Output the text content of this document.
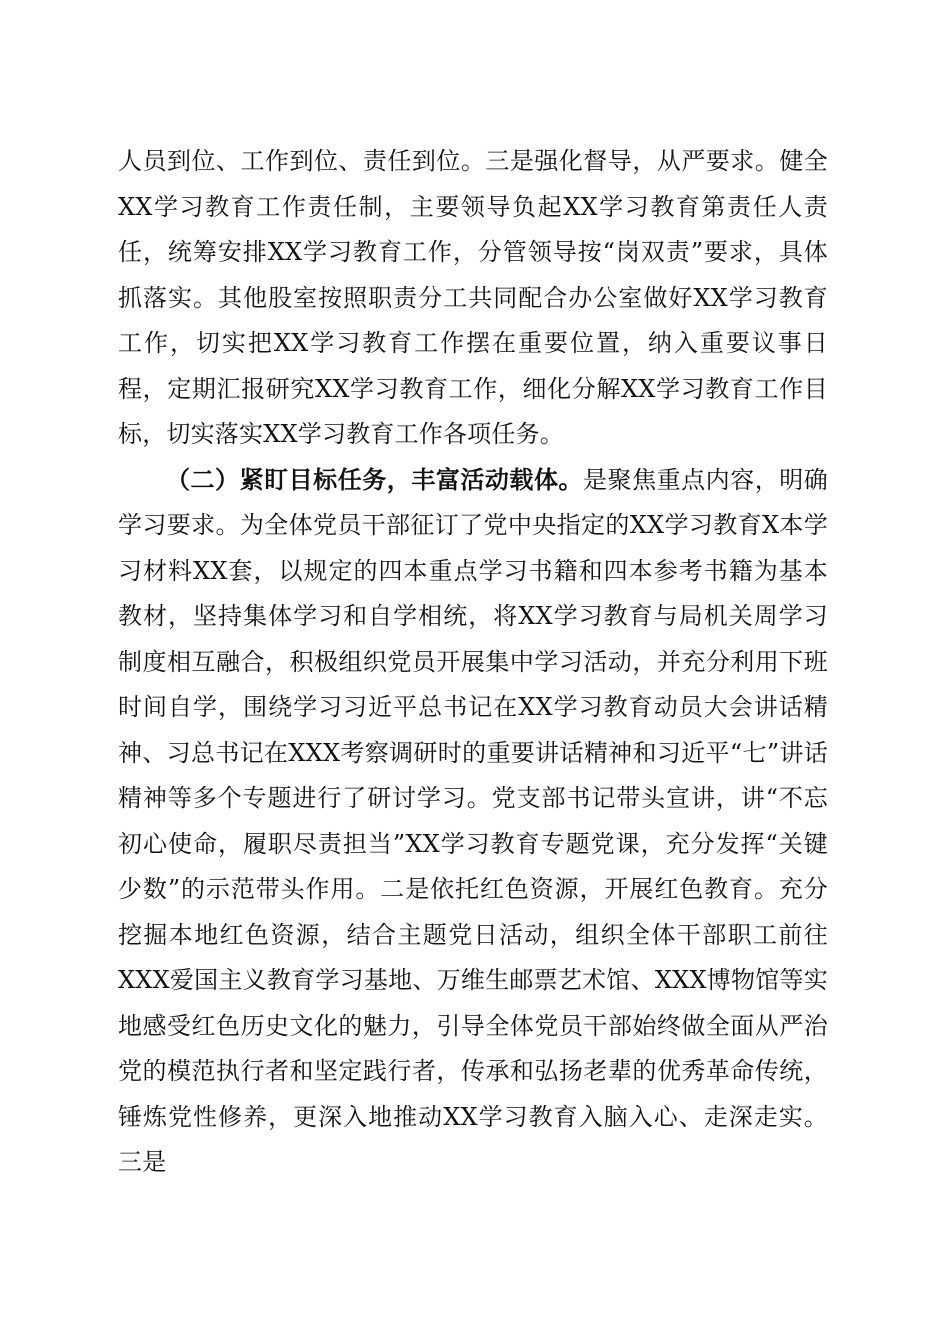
人员到位、工作到位、责任到位。三是强化督导，从严要求。健全XX学习教育工作责任制，主要领导负起XX学习教育第责任人责任，统筹安排XX学习教育工作，分管领导按“岗双责”要求，具体抓落实。其他股室按照职责分工共同配合办公室做好XX学习教育工作，切实把XX学习教育工作摆在重要位置，纳入重要议事日程，定期汇报研究XX学习教育工作，细化分解XX学习教育工作目标，切实落实XX学习教育工作各项任务。

（二）紧盯目标任务，丰富活动载体。是聚焦重点内容，明确学习要求。为全体党员干部征订了党中央指定的XX学习教育X本学习材料XX套，以规定的四本重点学习书籍和四本参考书籍为基本教材，坚持集体学习和自学相统，将XX学习教育与局机关周学习制度相互融合，积极组织党员开展集中学习活动，并充分利用下班时间自学，围绕学习习近平总书记在XX学习教育动员大会讲话精神、习总书记在XXX考察调研时的重要讲话精神和习近平“七”讲话精神等多个专题进行了研讨学习。党支部书记带头宣讲，讲“不忘初心使命，履职尽责担当”XX学习教育专题党课，充分发挥“关键少数”的示范带头作用。二是依托红色资源，开展红色教育。充分挖掘本地红色资源，结合主题党日活动，组织全体干部职工前往XXX爱国主义教育学习基地、万维生邮票艺术馆、XXX博物馆等实地感受红色历史文化的魅力，引导全体党员干部始终做全面从严治党的模范执行者和坚定践行者，传承和弘扬老辈的优秀革命传统，锤炼党性修养，更深入地推动XX学习教育入脑入心、走深走实。三是
